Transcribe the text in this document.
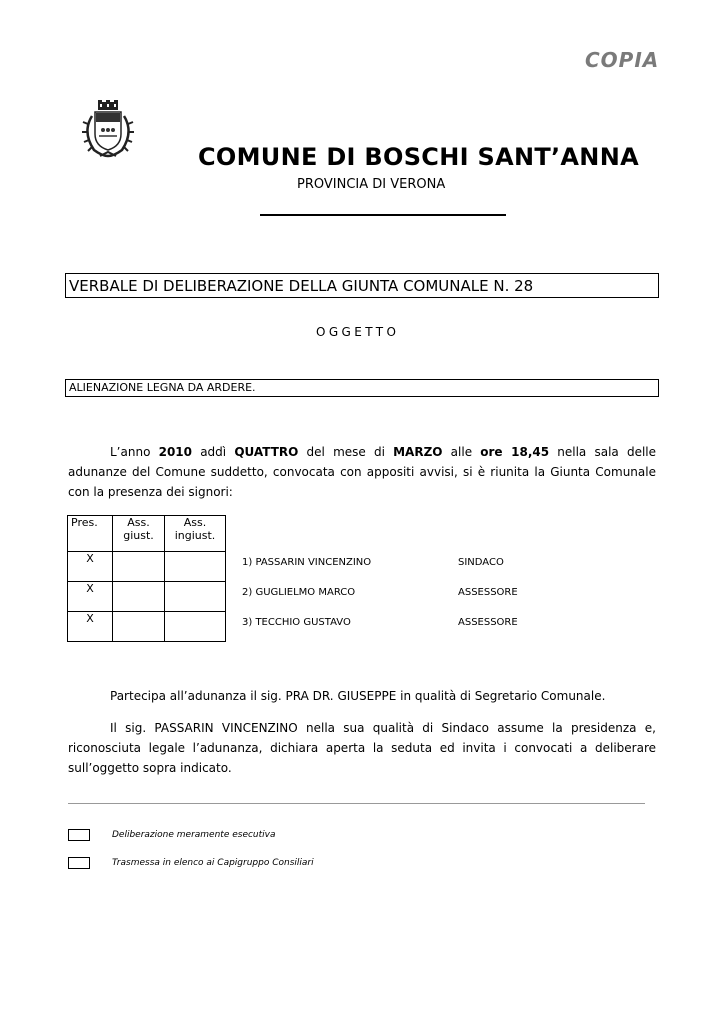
COPIA
COMUNE DI BOSCHI SANT’ANNA
PROVINCIA DI VERONA
VERBALE DI DELIBERAZIONE DELLA GIUNTA COMUNALE N. 28
OGGETTO
ALIENAZIONE LEGNA DA ARDERE.
L’anno 2010 addì QUATTRO del mese di MARZO alle ore 18,45 nella sala delle adunanze del Comune suddetto, convocata con appositi avvisi, si è riunita la Giunta Comunale con la presenza dei signori:
Pres.	Ass. giust.	Ass. ingiust.
X		
X		
X		
1) PASSARIN VINCENZINO	SINDACO
2) GUGLIELMO MARCO	ASSESSORE
3) TECCHIO GUSTAVO	ASSESSORE
Partecipa all’adunanza il sig. PRA DR. GIUSEPPE in qualità di Segretario Comunale.
Il sig. PASSARIN VINCENZINO nella sua qualità di Sindaco assume la presidenza e, riconosciuta legale l’adunanza, dichiara aperta la seduta ed invita i convocati a deliberare sull’oggetto sopra indicato.
Deliberazione meramente esecutiva
Trasmessa in elenco ai Capigruppo Consiliari
